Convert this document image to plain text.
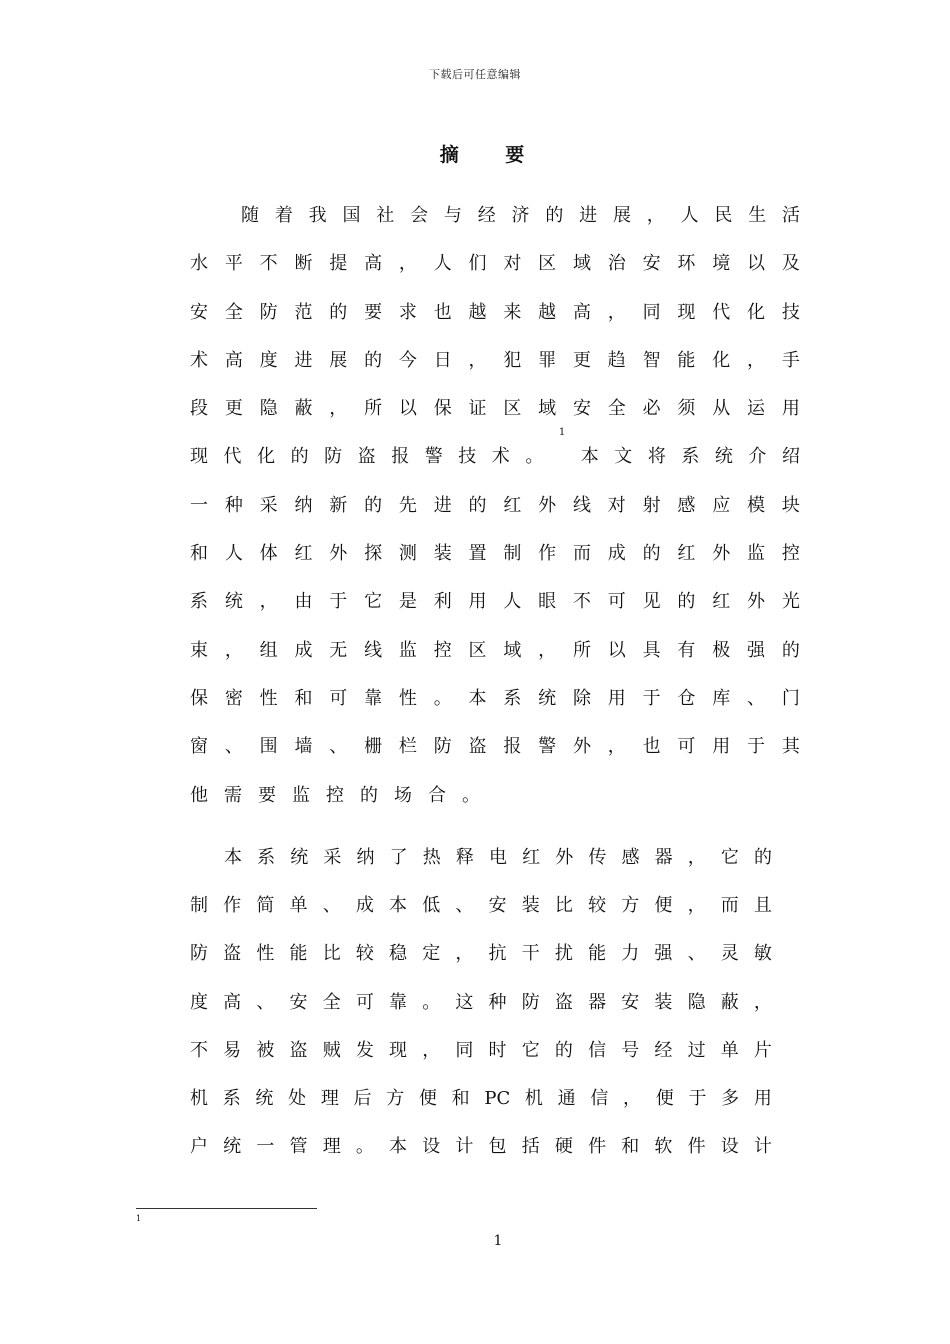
下载后可任意编辑
摘 要
随 着 我 国 社 会 与 经 济 的 进 展 ， 人 民 生 活
水 平 不 断 提 高 ， 人 们 对 区 域 治 安 环 境 以 及
安 全 防 范 的 要 求 也 越 来 越 高 ， 同 现 代 化 技
术 高 度 进 展 的 今 日 ， 犯 罪 更 趋 智 能 化 ， 手
段 更 隐 蔽 ， 所 以 保 证 区 域 安 全 必 须 从 运 用
现 代 化 的 防 盗 报 警 技 术 。
1
本 文 将 系 统 介 绍
一 种 采 纳 新 的 先 进 的 红 外 线 对 射 感 应 模 块
和 人 体 红 外 探 测 装 置 制 作 而 成 的 红 外 监 控
系 统 ， 由 于 它 是 利 用 人 眼 不 可 见 的 红 外 光
束 ， 组 成 无 线 监 控 区 域 ， 所 以 具 有 极 强 的
保 密 性 和 可 靠 性 。 本 系 统 除 用 于 仓 库 、 门
窗 、 围 墙 、 栅 栏 防 盗 报 警 外 ， 也 可 用 于 其
他 需 要 监 控 的 场 合 。
本 系 统 采 纳 了 热 释 电 红 外 传 感 器 ， 它 的
制 作 简 单 、 成 本 低 、 安 装 比 较 方 便 ， 而 且
防 盗 性 能 比 较 稳 定 ， 抗 干 扰 能 力 强 、 灵 敏
度 高 、 安 全 可 靠 。 这 种 防 盗 器 安 装 隐 蔽 ，
不 易 被 盗 贼 发 现 ， 同 时 它 的 信 号 经 过 单 片
机 系 统 处 理 后 方 便 和 PC 机 通 信 ， 便 于 多 用
户 统 一 管 理 。 本 设 计 包 括 硬 件 和 软 件 设 计
1
1
